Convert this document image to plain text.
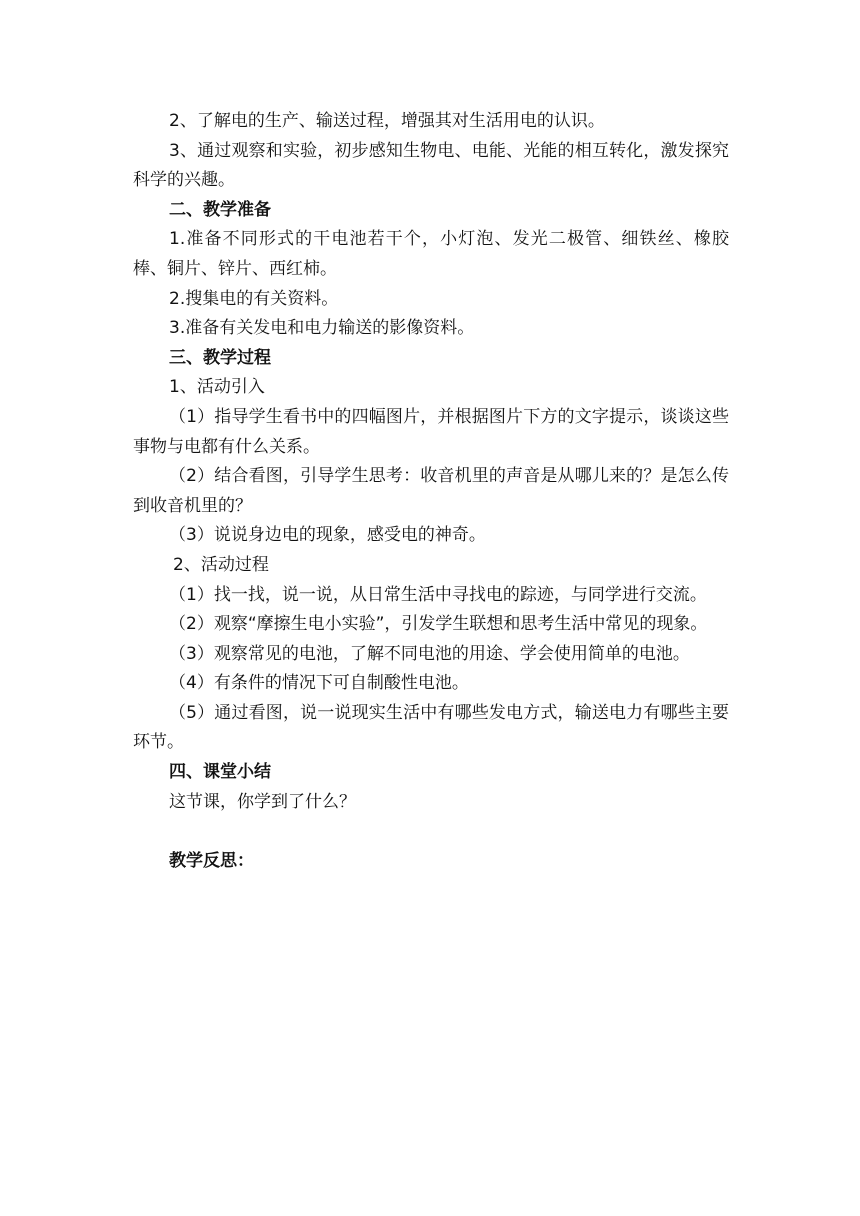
2、了解电的生产、输送过程，增强其对生活用电的认识。

3、通过观察和实验，初步感知生物电、电能、光能的相互转化，激发探究科学的兴趣。

二、教学准备

1.准备不同形式的干电池若干个，小灯泡、发光二极管、细铁丝、橡胶棒、铜片、锌片、西红柿。

2.搜集电的有关资料。

3.准备有关发电和电力输送的影像资料。

三、教学过程

1、活动引入

（1）指导学生看书中的四幅图片，并根据图片下方的文字提示，谈谈这些事物与电都有什么关系。

（2）结合看图，引导学生思考：收音机里的声音是从哪儿来的？是怎么传到收音机里的？

（3）说说身边电的现象，感受电的神奇。

2、活动过程

（1）找一找，说一说，从日常生活中寻找电的踪迹，与同学进行交流。

（2）观察“摩擦生电小实验”，引发学生联想和思考生活中常见的现象。

（3）观察常见的电池，了解不同电池的用途、学会使用简单的电池。

（4）有条件的情况下可自制酸性电池。

（5）通过看图，说一说现实生活中有哪些发电方式，输送电力有哪些主要环节。

四、课堂小结

这节课，你学到了什么？

教学反思：
